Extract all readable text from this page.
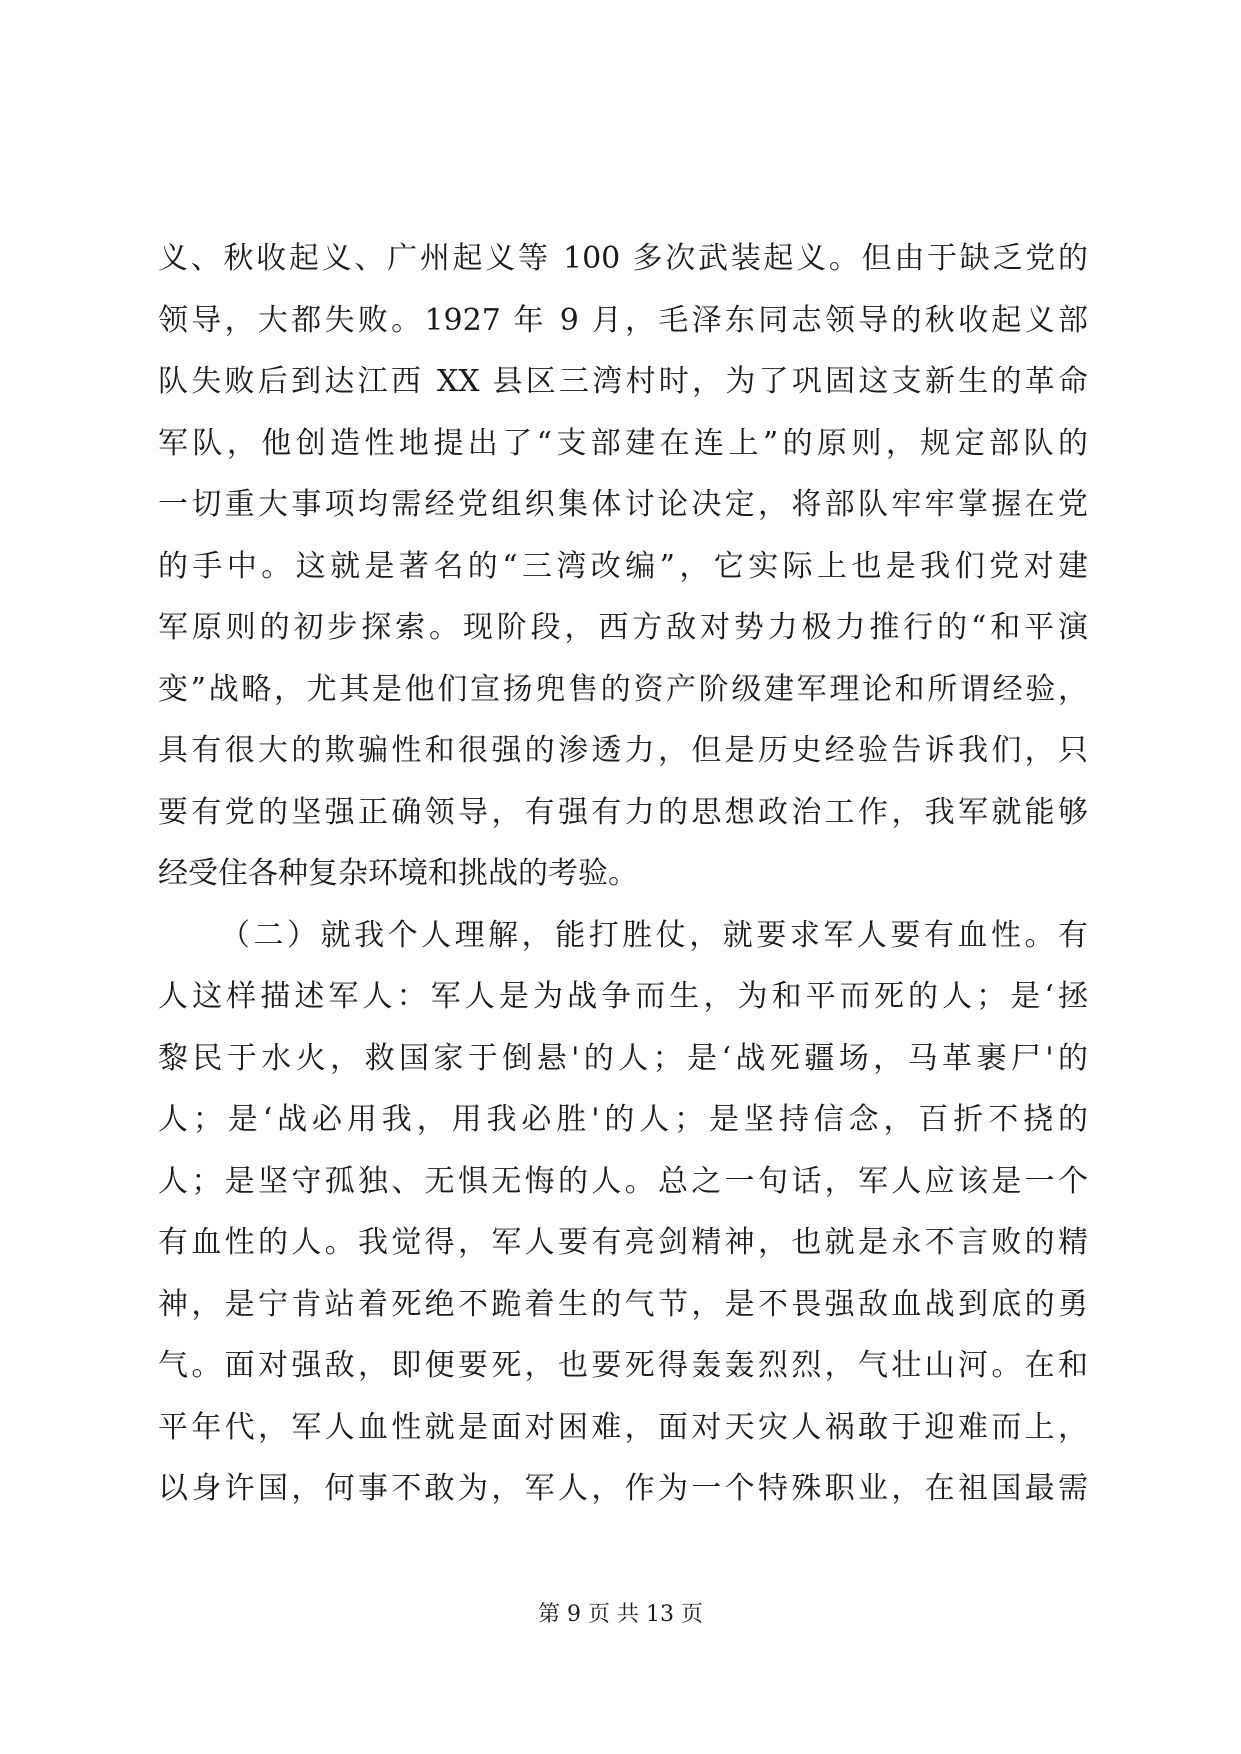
义、秋收起义、广州起义等 100 多次武装起义。但由于缺乏党的
领导，大都失败。1927 年 9 月，毛泽东同志领导的秋收起义部
队失败后到达江西 XX 县区三湾村时，为了巩固这支新生的革命
军队，他创造性地提出了“支部建在连上”的原则，规定部队的
一切重大事项均需经党组织集体讨论决定，将部队牢牢掌握在党
的手中。这就是著名的“三湾改编”，它实际上也是我们党对建
军原则的初步探索。现阶段，西方敌对势力极力推行的“和平演
变”战略，尤其是他们宣扬兜售的资产阶级建军理论和所谓经验，
具有很大的欺骗性和很强的渗透力，但是历史经验告诉我们，只
要有党的坚强正确领导，有强有力的思想政治工作，我军就能够
经受住各种复杂环境和挑战的考验。
（二）就我个人理解，能打胜仗，就要求军人要有血性。有
人这样描述军人：军人是为战争而生，为和平而死的人；是‘拯
黎民于水火，救国家于倒悬'的人；是‘战死疆场，马革裹尸'的
人；是‘战必用我，用我必胜'的人；是坚持信念，百折不挠的
人；是坚守孤独、无惧无悔的人。总之一句话，军人应该是一个
有血性的人。我觉得，军人要有亮剑精神，也就是永不言败的精
神，是宁肯站着死绝不跪着生的气节，是不畏强敌血战到底的勇
气。面对强敌，即便要死，也要死得轰轰烈烈，气壮山河。在和
平年代，军人血性就是面对困难，面对天灾人祸敢于迎难而上，
以身许国，何事不敢为，军人，作为一个特殊职业，在祖国最需
第 9 页 共 13 页
